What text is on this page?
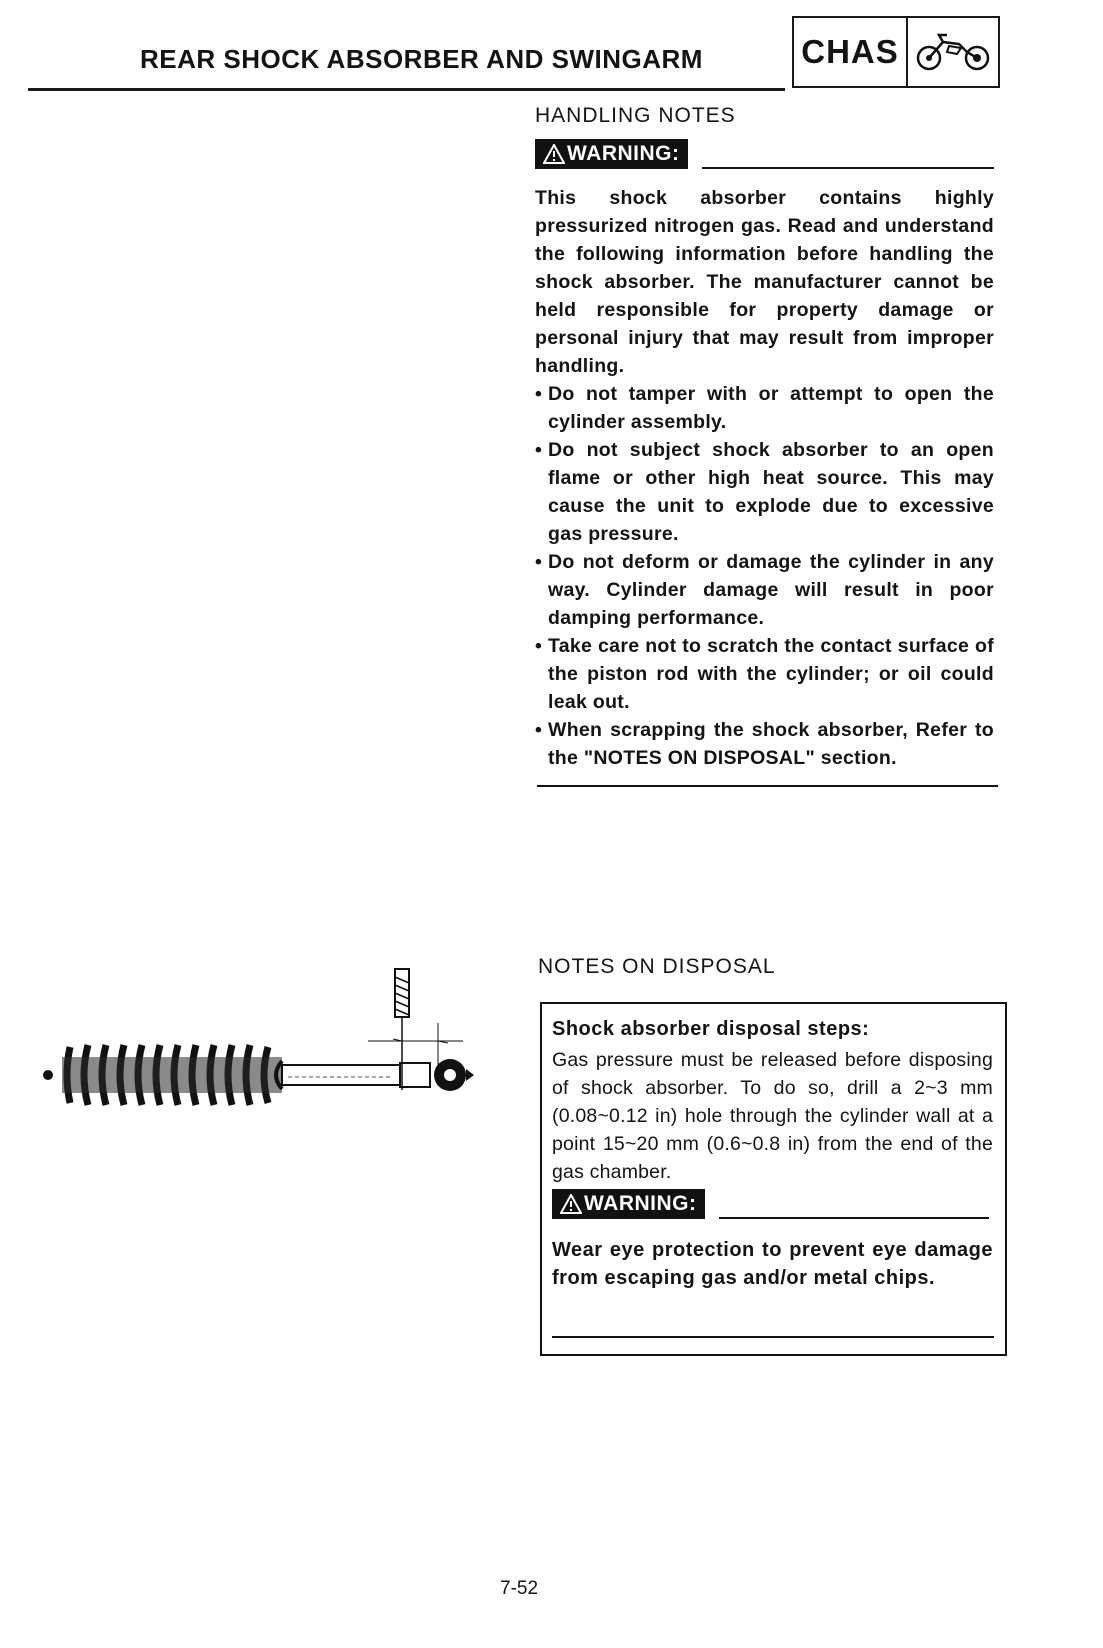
REAR SHOCK ABSORBER AND SWINGARM	CHAS
HANDLING NOTES
WARNING:

This shock absorber contains highly pressurized nitrogen gas. Read and understand the following information before handling the shock absorber. The manufacturer cannot be held responsible for property damage or personal injury that may result from improper handling.

• Do not tamper with or attempt to open the cylinder assembly.
• Do not subject shock absorber to an open flame or other high heat source. This may cause the unit to explode due to excessive gas pressure.
• Do not deform or damage the cylinder in any way. Cylinder damage will result in poor damping performance.
• Take care not to scratch the contact surface of the piston rod with the cylinder; or oil could leak out.
• When scrapping the shock absorber, Refer to the "NOTES ON DISPOSAL" section.
NOTES ON DISPOSAL
Shock absorber disposal steps:
Gas pressure must be released before disposing of shock absorber. To do so, drill a 2~3 mm (0.08~0.12 in) hole through the cylinder wall at a point 15~20 mm (0.6~0.8 in) from the end of the gas chamber.
WARNING:
Wear eye protection to prevent eye damage from escaping gas and/or metal chips.
7-52
